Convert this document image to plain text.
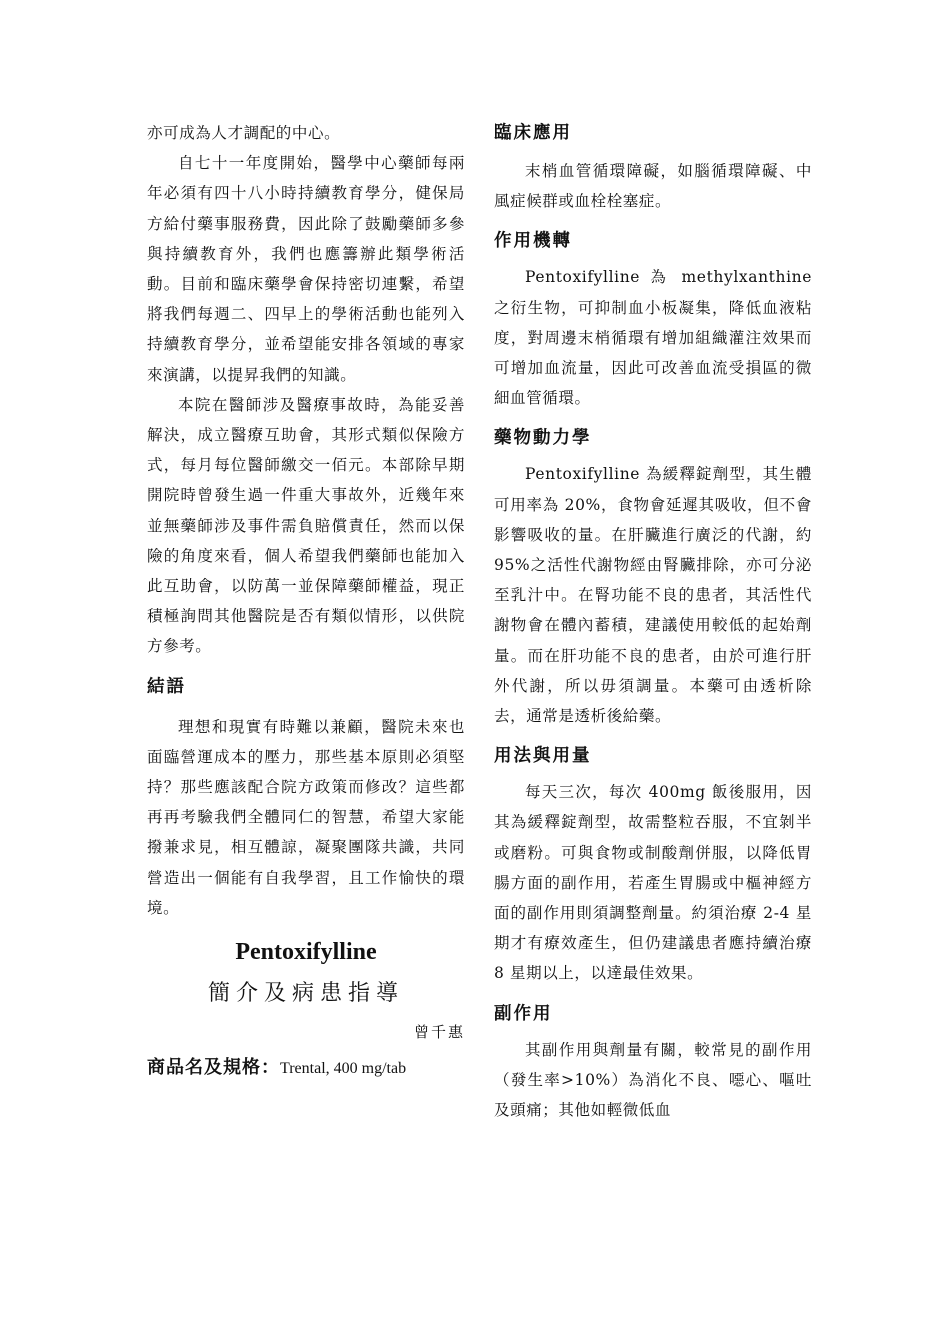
亦可成為人才調配的中心。

自七十一年度開始，醫學中心藥師每兩年必須有四十八小時持續教育學分，健保局方給付藥事服務費，因此除了鼓勵藥師多參與持續教育外，我們也應籌辦此類學術活動。目前和臨床藥學會保持密切連繫，希望將我們每週二、四早上的學術活動也能列入持續教育學分，並希望能安排各領域的專家來演講，以提昇我們的知識。

本院在醫師涉及醫療事故時，為能妥善解決，成立醫療互助會，其形式類似保險方式，每月每位醫師繳交一佰元。本部除早期開院時曾發生過一件重大事故外，近幾年來並無藥師涉及事件需負賠償責任，然而以保險的角度來看，個人希望我們藥師也能加入此互助會，以防萬一並保障藥師權益，現正積極詢問其他醫院是否有類似情形，以供院方參考。

結語

理想和現實有時難以兼顧，醫院未來也面臨營運成本的壓力，那些基本原則必須堅持？那些應該配合院方政策而修改？這些都再再考驗我們全體同仁的智慧，希望大家能撥兼求見，相互體諒，凝聚團隊共識，共同營造出一個能有自我學習，且工作愉快的環境。

Pentoxifylline

簡介及病患指導

曾千惠

商品名及規格：Trental, 400 mg/tab

臨床應用

末梢血管循環障礙，如腦循環障礙、中風症候群或血栓栓塞症。

作用機轉

Pentoxifylline 為 methylxanthine 之衍生物，可抑制血小板凝集，降低血液粘度，對周邊末梢循環有增加組織灌注效果而可增加血流量，因此可改善血流受損區的微細血管循環。

藥物動力學

Pentoxifylline 為緩釋錠劑型，其生體可用率為 20%，食物會延遲其吸收，但不會影響吸收的量。在肝臟進行廣泛的代謝，約 95%之活性代謝物經由腎臟排除，亦可分泌至乳汁中。在腎功能不良的患者，其活性代謝物會在體內蓄積，建議使用較低的起始劑量。而在肝功能不良的患者，由於可進行肝外代謝，所以毋須調量。本藥可由透析除去，通常是透析後給藥。

用法與用量

每天三次，每次 400mg 飯後服用，因其為緩釋錠劑型，故需整粒吞服，不宜剝半或磨粉。可與食物或制酸劑併服，以降低胃腸方面的副作用，若產生胃腸或中樞神經方面的副作用則須調整劑量。約須治療 2-4 星期才有療效產生，但仍建議患者應持續治療 8 星期以上，以達最佳效果。

副作用

其副作用與劑量有關，較常見的副作用（發生率>10%）為消化不良、噁心、嘔吐及頭痛；其他如輕微低血
